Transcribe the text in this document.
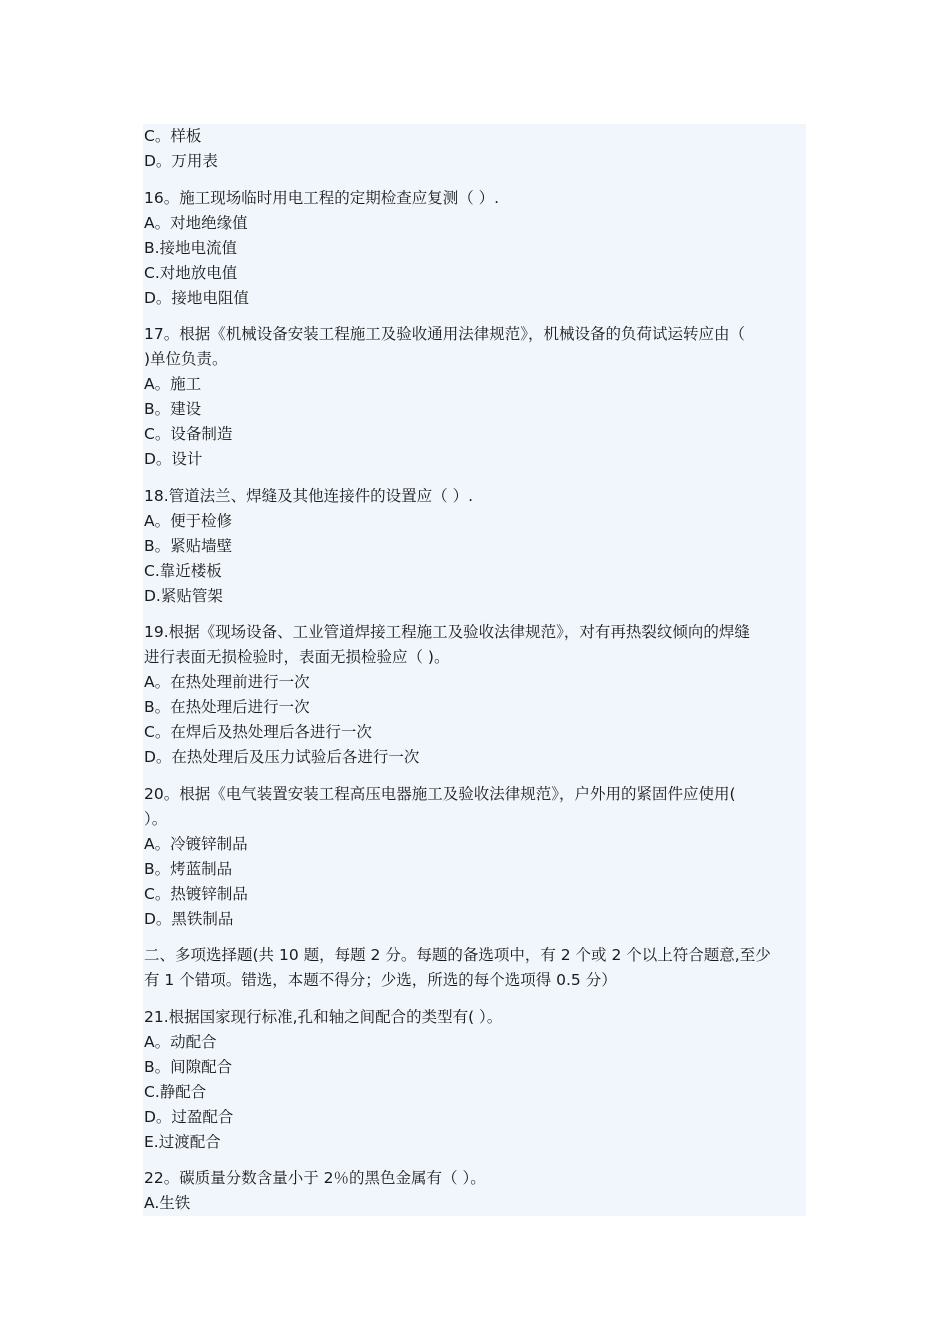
C。样板
D。万用表
16。施工现场临时用电工程的定期检查应复测（ ）.
A。对地绝缘值
B.接地电流值
C.对地放电值
D。接地电阻值
17。根据《机械设备安装工程施工及验收通用法律规范》，机械设备的负荷试运转应由（
)单位负责。
A。施工
B。建设
C。设备制造
D。设计
18.管道法兰、焊缝及其他连接件的设置应（ ）.
A。便于检修
B。紧贴墙壁
C.靠近楼板
D.紧贴管架
19.根据《现场设备、工业管道焊接工程施工及验收法律规范》，对有再热裂纹倾向的焊缝
进行表面无损检验时，表面无损检验应（ )。
A。在热处理前进行一次
B。在热处理后进行一次
C。在焊后及热处理后各进行一次
D。在热处理后及压力试验后各进行一次
20。根据《电气装置安装工程高压电器施工及验收法律规范》，户外用的紧固件应使用(
）。
A。冷镀锌制品
B。烤蓝制品
C。热镀锌制品
D。黑铁制品
二、多项选择题(共 10 题，每题 2 分。每题的备选项中，有 2 个或 2 个以上符合题意,至少
有 1 个错项。错选，本题不得分；少选，所选的每个选项得 0.5 分）
21.根据国家现行标准,孔和轴之间配合的类型有( ）。
A。动配合
B。间隙配合
C.静配合
D。过盈配合
E.过渡配合
22。碳质量分数含量小于 2％的黑色金属有（ ）。
A.生铁
